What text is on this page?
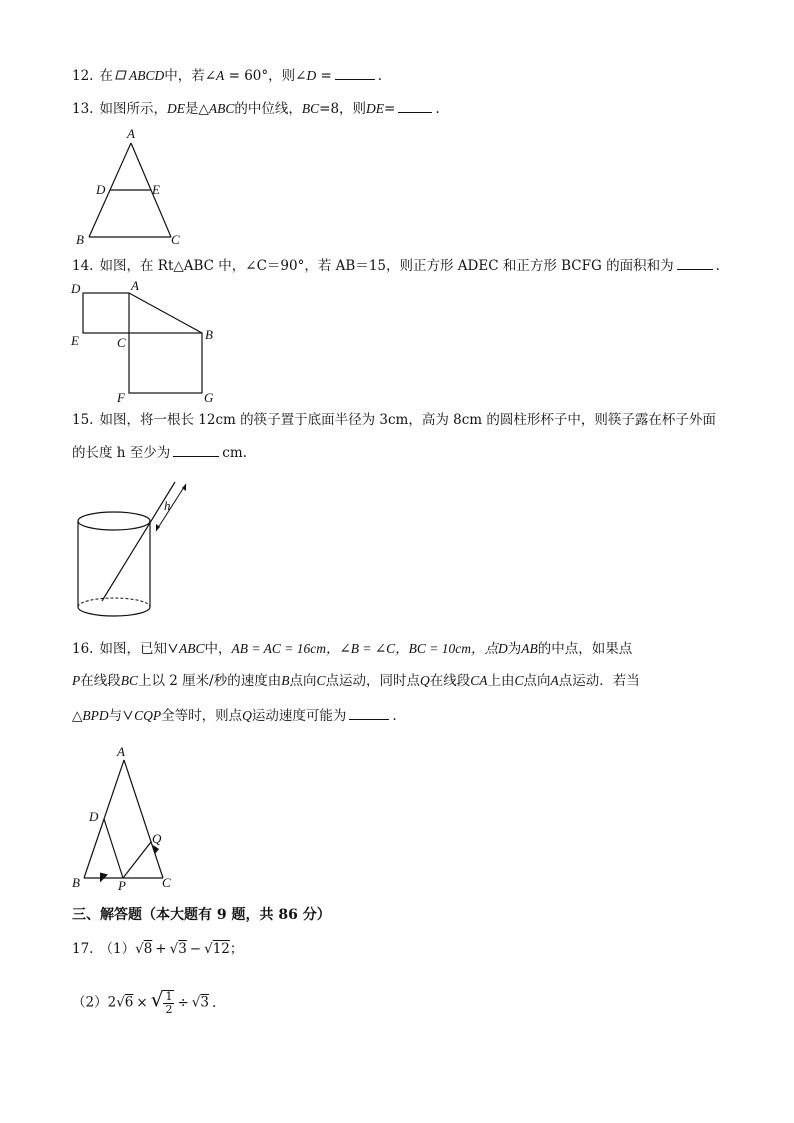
12. 在 ABCD中，若∠A = 60°，则∠D =	.
13. 如图所示，DE是△ABC的中位线，BC=8，则DE=	.
A
D	E
B	C
14. 如图，在 Rt△ABC 中，∠C＝90°，若 AB＝15，则正方形 ADEC 和正方形 BCFG 的面积和为	.
D	A
B
E	C
F	G
15. 如图，将一根长 12cm 的筷子置于底面半径为 3cm，高为 8cm 的圆柱形杯子中，则筷子露在杯子外面
的长度 h 至少为	cm.
h
16. 如图，已知 ABC中，AB = AC = 16cm，∠B = ∠C，BC = 10cm，点D为AB的中点，如果点
P在线段BC上以 2 厘米/秒的速度由B点向C点运动，同时点Q在线段CA上由C点向A点运动．若当
△BPD与 CQP全等时，则点Q运动速度可能为	.
A
D
Q
B	P	C
三、解答题（本大题有 9 题，共 86 分）
17. （1）√8 + √3 − √12；
（2）2√6 × √ $\frac{1}{2} \div √3$ .
